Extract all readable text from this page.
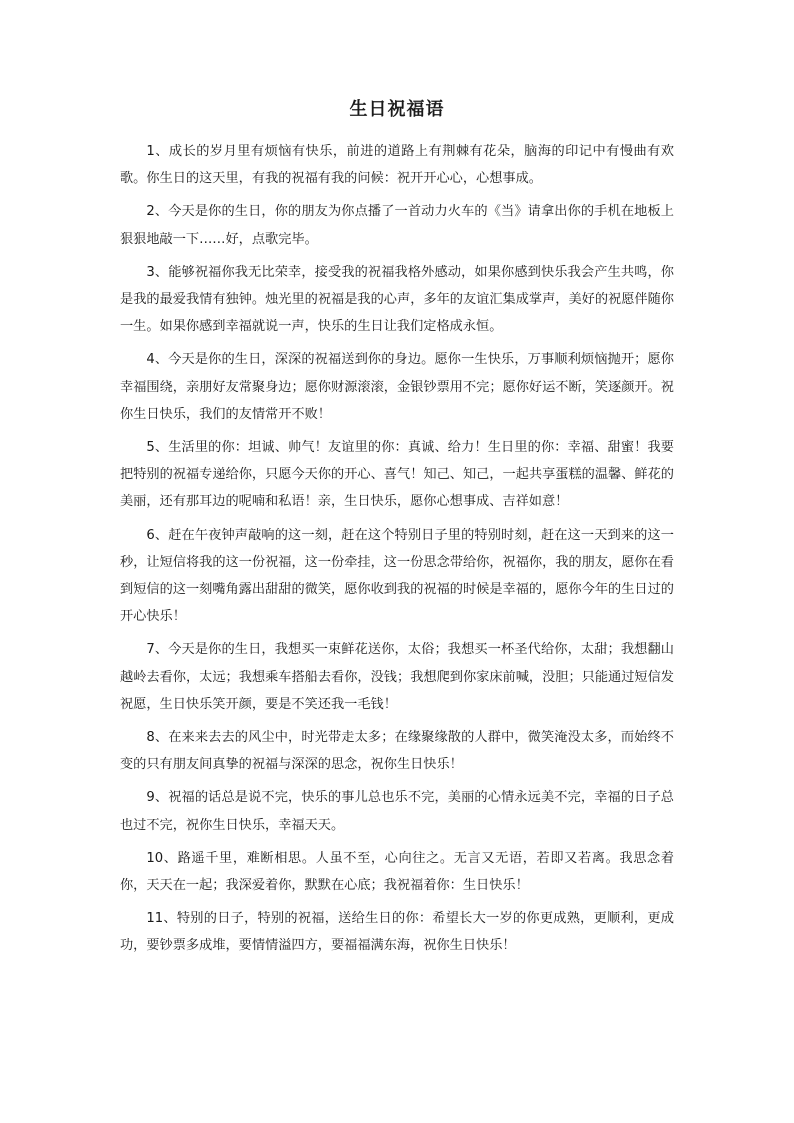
生日祝福语

1、成长的岁月里有烦恼有快乐，前进的道路上有荆棘有花朵，脑海的印记中有慢曲有欢歌。你生日的这天里，有我的祝福有我的问候：祝开开心心，心想事成。

2、今天是你的生日，你的朋友为你点播了一首动力火车的《当》请拿出你的手机在地板上狠狠地敲一下……好，点歌完毕。

3、能够祝福你我无比荣幸，接受我的祝福我格外感动，如果你感到快乐我会产生共鸣，你是我的最爱我情有独钟。烛光里的祝福是我的心声，多年的友谊汇集成掌声，美好的祝愿伴随你一生。如果你感到幸福就说一声，快乐的生日让我们定格成永恒。

4、今天是你的生日，深深的祝福送到你的身边。愿你一生快乐，万事顺利烦恼抛开；愿你幸福围绕，亲朋好友常聚身边；愿你财源滚滚，金银钞票用不完；愿你好运不断，笑逐颜开。祝你生日快乐，我们的友情常开不败！

5、生活里的你：坦诚、帅气！友谊里的你：真诚、给力！生日里的你：幸福、甜蜜！我要把特别的祝福专递给你，只愿今天你的开心、喜气！知己、知己，一起共享蛋糕的温馨、鲜花的美丽，还有那耳边的呢喃和私语！亲，生日快乐，愿你心想事成、吉祥如意！

6、赶在午夜钟声敲响的这一刻，赶在这个特别日子里的特别时刻，赶在这一天到来的这一秒，让短信将我的这一份祝福，这一份牵挂，这一份思念带给你，祝福你，我的朋友，愿你在看到短信的这一刻嘴角露出甜甜的微笑，愿你收到我的祝福的时候是幸福的，愿你今年的生日过的开心快乐！

7、今天是你的生日，我想买一束鲜花送你，太俗；我想买一杯圣代给你，太甜；我想翻山越岭去看你，太远；我想乘车搭船去看你，没钱；我想爬到你家床前喊，没胆；只能通过短信发祝愿，生日快乐笑开颜，要是不笑还我一毛钱！

8、在来来去去的风尘中，时光带走太多；在缘聚缘散的人群中，微笑淹没太多，而始终不变的只有朋友间真挚的祝福与深深的思念，祝你生日快乐！

9、祝福的话总是说不完，快乐的事儿总也乐不完，美丽的心情永远美不完，幸福的日子总也过不完，祝你生日快乐，幸福天天。

10、路遥千里，难断相思。人虽不至，心向往之。无言又无语，若即又若离。我思念着你，天天在一起；我深爱着你，默默在心底；我祝福着你：生日快乐！

11、特别的日子，特别的祝福，送给生日的你：希望长大一岁的你更成熟，更顺利，更成功，要钞票多成堆，要情情溢四方，要福福满东海，祝你生日快乐！
